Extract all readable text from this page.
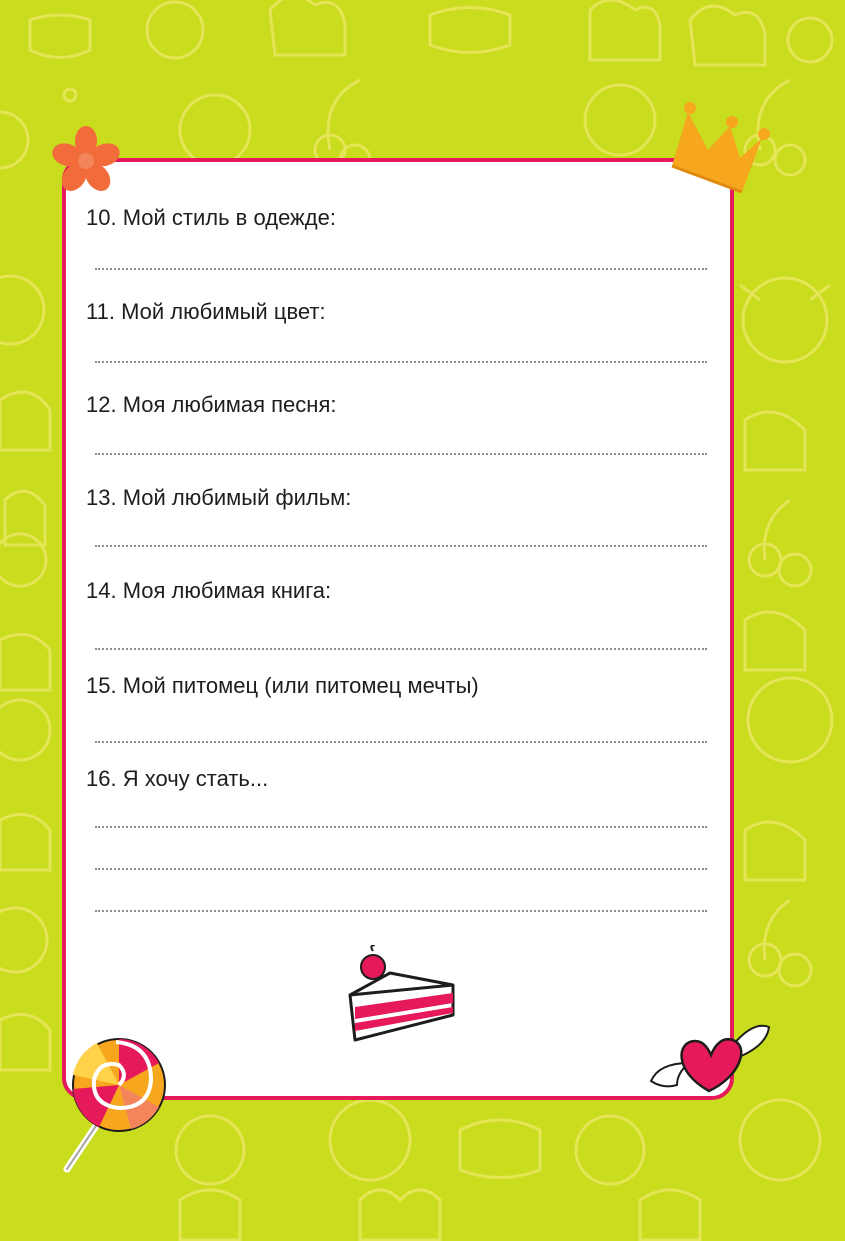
10. Мой стиль в одежде:
11. Мой любимый цвет:
12. Моя любимая песня:
13. Мой любимый фильм:
14. Моя любимая книга:
15. Мой питомец (или питомец мечты)
16. Я хочу стать...
